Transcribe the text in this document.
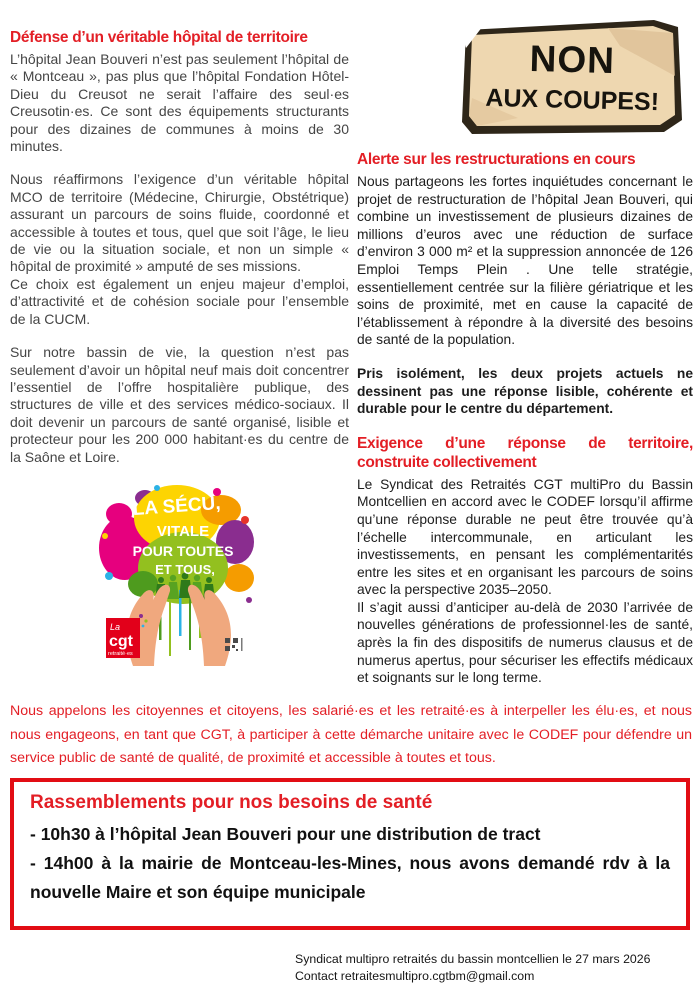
Défense d’un véritable hôpital de territoire

L’hôpital Jean Bouveri n’est pas seulement l’hôpital de « Montceau », pas plus que l’hôpital Fondation Hôtel-Dieu du Creusot ne serait l’affaire des seul·es Creusotin·es. Ce sont des équipements structurants pour des dizaines de communes à moins de 30 minutes.

Nous réaffirmons l’exigence d’un véritable hôpital MCO de territoire (Médecine, Chirurgie, Obstétrique) assurant un parcours de soins fluide, coordonné et accessible à toutes et tous, quel que soit l’âge, le lieu de vie ou la situation sociale, et non un simple « hôpital de proximité » amputé de ses missions.

Ce choix est également un enjeu majeur d’emploi, d’attractivité et de cohésion sociale pour l’ensemble de la CUCM.

Sur notre bassin de vie, la question n’est pas seulement d’avoir un hôpital neuf mais doit concentrer l’essentiel de l’offre hospitalière publique, des structures de ville et des services médico-sociaux. Il doit devenir un parcours de santé organisé, lisible et protecteur pour les 200 000 habitant·es du centre de la Saône et Loire.

La
cgt
retraité·es
LA SÉCU,
VITALE
POUR TOUTES
ET TOUS,
NON
AUX COUPES!
Alerte sur les restructurations en cours

Nous partageons les fortes inquiétudes concernant le projet de restructuration de l’hôpital Jean Bouveri, qui combine un investissement de plusieurs dizaines de millions d’euros avec une réduction de surface d’environ 3 000 m² et la suppression annoncée de 126 Emploi Temps Plein . Une telle stratégie, essentiellement centrée sur la filière gériatrique et les soins de proximité, met en cause la capacité de l’établissement à répondre à la diversité des besoins de santé de la population.

Pris isolément, les deux projets actuels ne dessinent pas une réponse lisible, cohérente et durable pour le centre du département.

Exigence d’une réponse de territoire,
construite collectivement

Le Syndicat des Retraités CGT multiPro du Bassin Montcellien en accord avec le CODEF lorsqu’il affirme qu’une réponse durable ne peut être trouvée qu’à l’échelle intercommunale, en articulant les investissements, en pensant les complémentarités entre les sites et en organisant les parcours de soins avec la perspective 2035–2050.

Il s’agit aussi d’anticiper au-delà de 2030 l’arrivée de nouvelles générations de professionnel·les de santé, après la fin des dispositifs de numerus clausus et de numerus apertus, pour sécuriser les effectifs médicaux et soignants sur le long terme.

Nous appelons les citoyennes et citoyens, les salarié·es et les retraité·es à interpeller les élu·es, et nous nous engageons, en tant que CGT, à participer à cette démarche unitaire avec le CODEF pour défendre un service public de santé de qualité, de proximité et accessible à toutes et tous.

Rassemblements pour nos besoins de santé

- 10h30 à l’hôpital Jean Bouveri pour une distribution de tract

- 14h00 à la mairie de Montceau-les-Mines, nous avons demandé rdv à la nouvelle Maire et son équipe municipale

Syndicat multipro retraités du bassin montcellien le 27 mars 2026
Contact retraitesmultipro.cgtbm@gmail.com
